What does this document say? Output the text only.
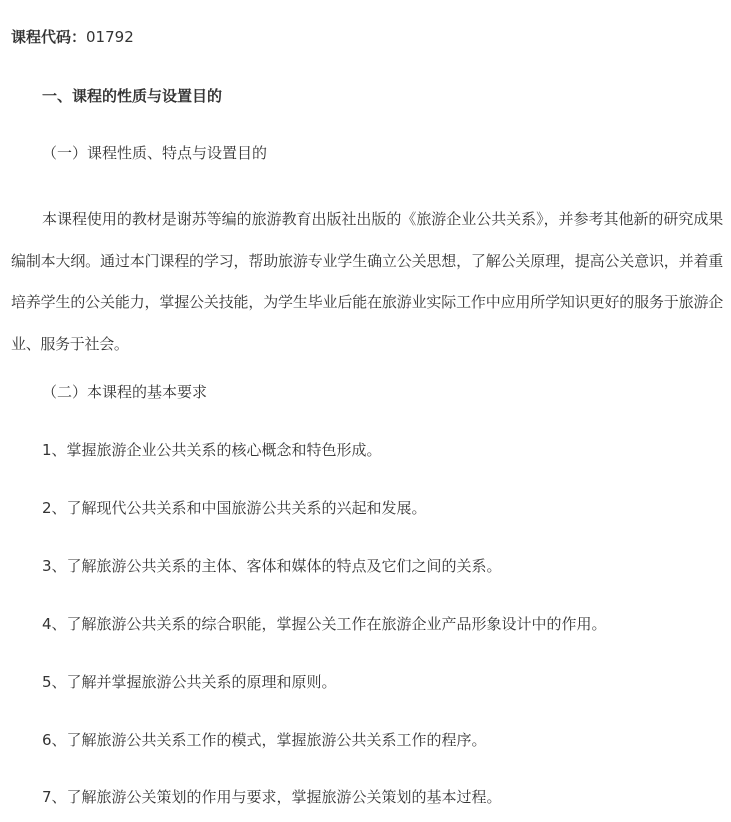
课程代码：01792
一、课程的性质与设置目的
（一）课程性质、特点与设置目的
本课程使用的教材是谢苏等编的旅游教育出版社出版的《旅游企业公共关系》，并参考其他新的研究成果编制本大纲。通过本门课程的学习，帮助旅游专业学生确立公关思想，了解公关原理，提高公关意识，并着重培养学生的公关能力，掌握公关技能，为学生毕业后能在旅游业实际工作中应用所学知识更好的服务于旅游企业、服务于社会。
（二）本课程的基本要求
1、掌握旅游企业公共关系的核心概念和特色形成。
2、了解现代公共关系和中国旅游公共关系的兴起和发展。
3、了解旅游公共关系的主体、客体和媒体的特点及它们之间的关系。
4、了解旅游公共关系的综合职能，掌握公关工作在旅游企业产品形象设计中的作用。
5、了解并掌握旅游公共关系的原理和原则。
6、了解旅游公共关系工作的模式，掌握旅游公共关系工作的程序。
7、了解旅游公关策划的作用与要求，掌握旅游公关策划的基本过程。
